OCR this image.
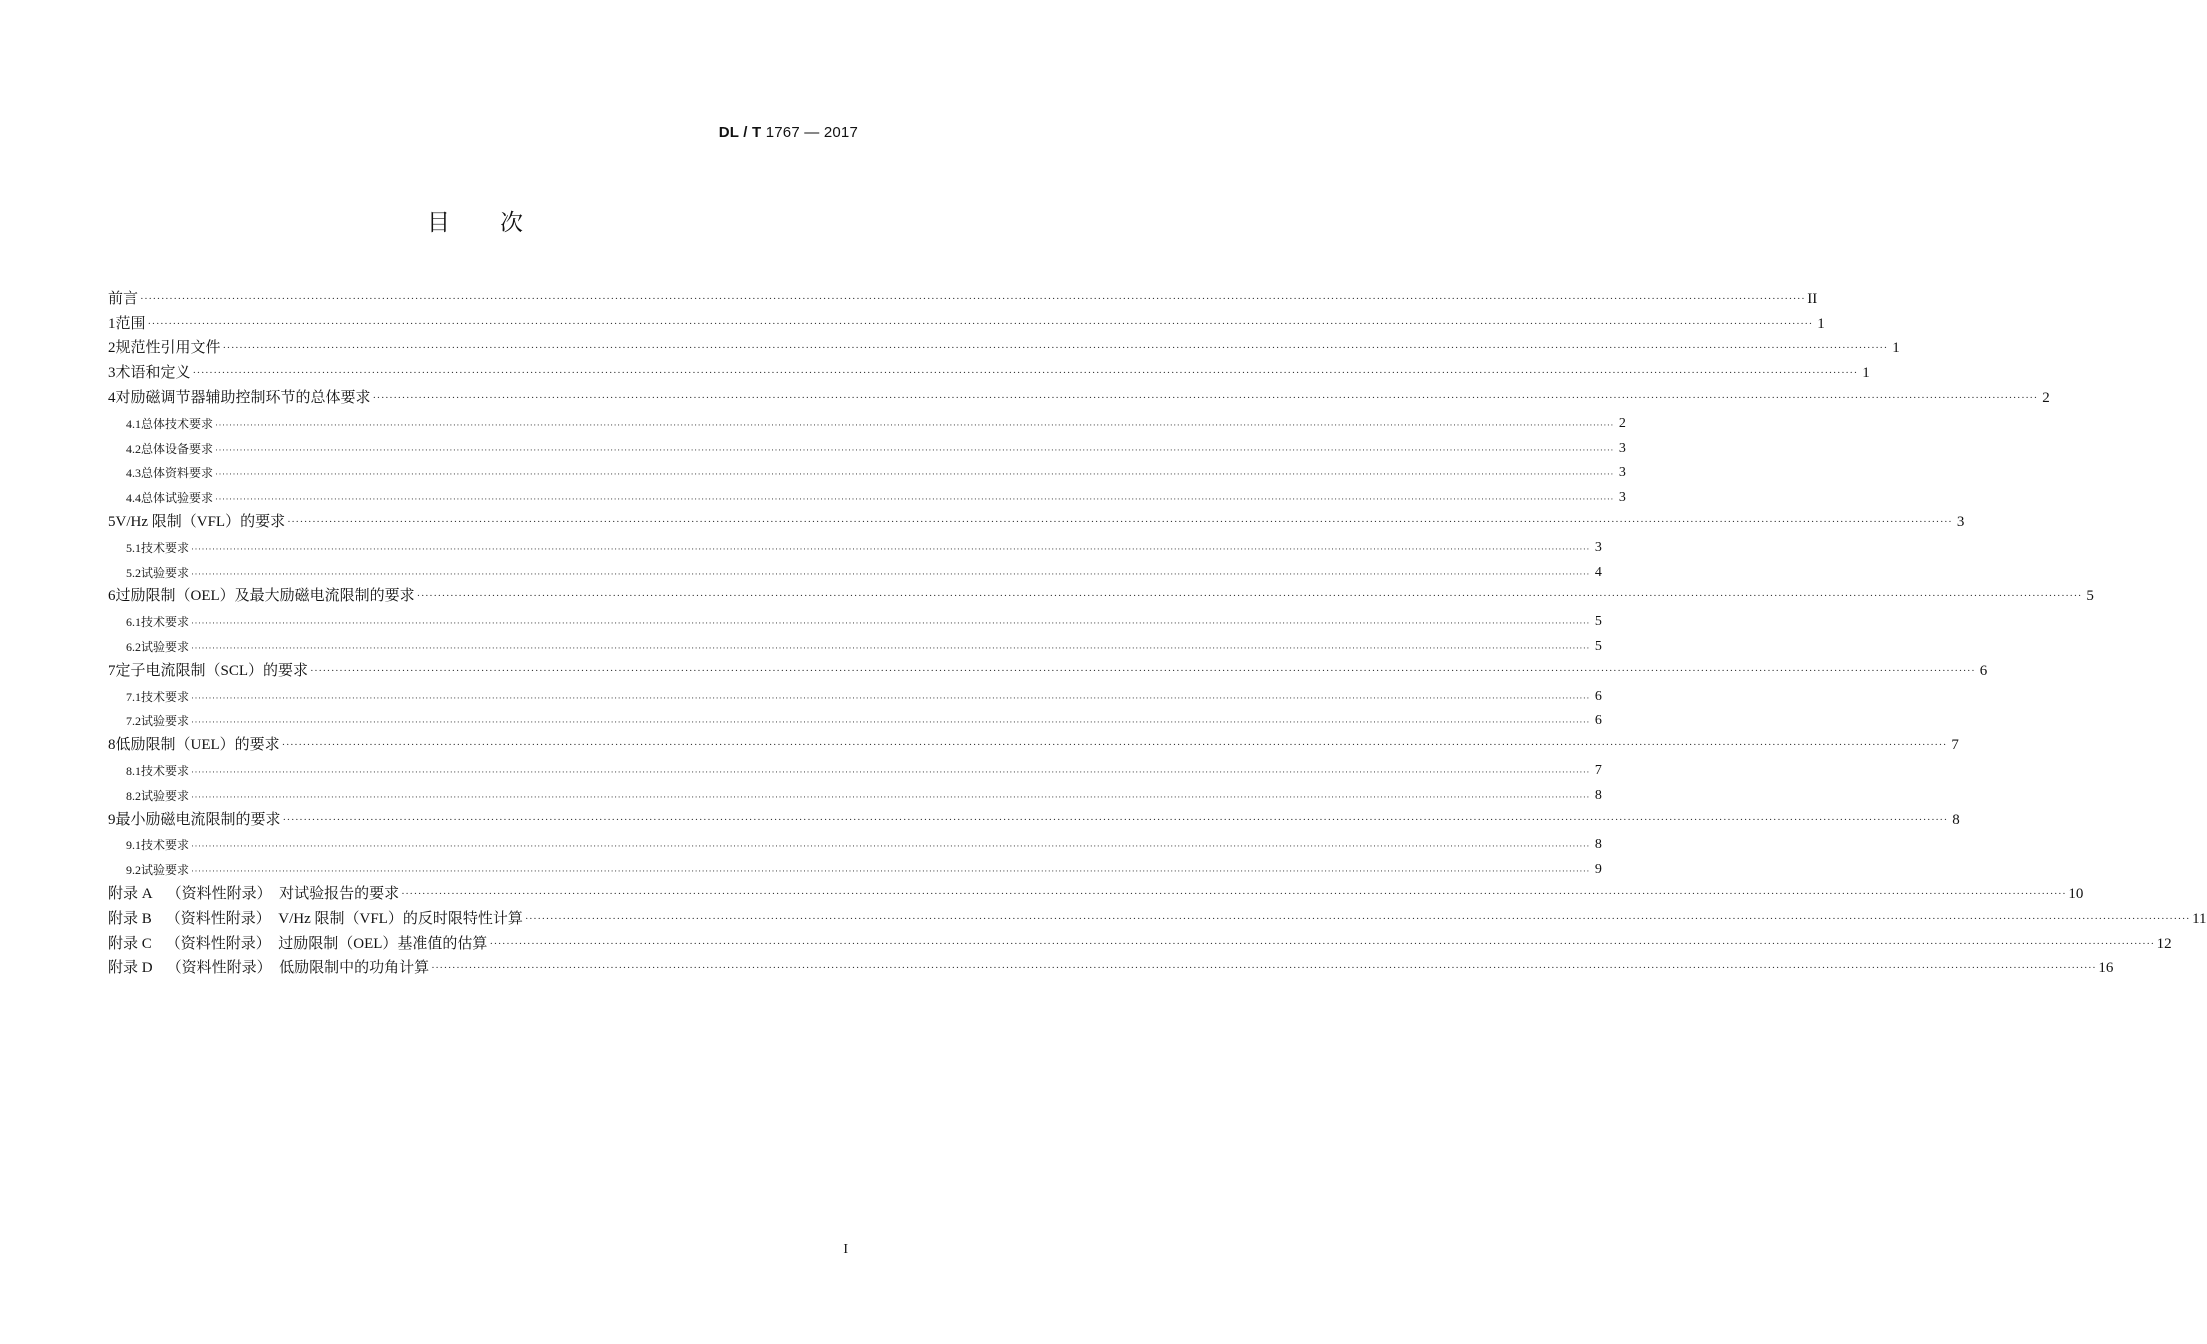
DL / T 1767 — 2017
目次
前言 ················································································································································································································································································································································································································ II
1 范围 ················································································································································································································································································································································································································ 1
2 规范性引用文件 ················································································································································································································································································································································································································ 1
3 术语和定义 ················································································································································································································································································································································································································ 1
4 对励磁调节器辅助控制环节的总体要求 ················································································································································································································································································································································································································ 2
4.1 总体技术要求 ················································································································································································································································································································································································································ 2
4.2 总体设备要求 ················································································································································································································································································································································································································ 3
4.3 总体资料要求 ················································································································································································································································································································································································································ 3
4.4 总体试验要求 ················································································································································································································································································································································································································ 3
5 V/Hz 限制（VFL）的要求 ················································································································································································································································································································································································································ 3
5.1 技术要求 ················································································································································································································································································································································································································ 3
5.2 试验要求 ················································································································································································································································································································································································································ 4
6 过励限制（OEL）及最大励磁电流限制的要求 ················································································································································································································································································································································································································ 5
6.1 技术要求 ················································································································································································································································································································································································································ 5
6.2 试验要求 ················································································································································································································································································································································································································ 5
7 定子电流限制（SCL）的要求 ················································································································································································································································································································································································································ 6
7.1 技术要求 ················································································································································································································································································································································································································ 6
7.2 试验要求 ················································································································································································································································································································································································································ 6
8 低励限制（UEL）的要求 ················································································································································································································································································································································································································ 7
8.1 技术要求 ················································································································································································································································································································································································································ 7
8.2 试验要求 ················································································································································································································································································································································································································ 8
9 最小励磁电流限制的要求 ················································································································································································································································································································································································································ 8
9.1 技术要求 ················································································································································································································································································································································································································ 8
9.2 试验要求 ················································································································································································································································································································································································································ 9
附录 A （资料性附录）　对试验报告的要求 ················································································································································································································································································································································································································ 10
附录 B （资料性附录）　V/Hz 限制（VFL）的反时限特性计算 ················································································································································································································································································································································································································ 11
附录 C （资料性附录）　过励限制（OEL）基准值的估算 ················································································································································································································································································································································································································ 12
附录 D （资料性附录）　低励限制中的功角计算 ················································································································································································································································································································································································································ 16
I
